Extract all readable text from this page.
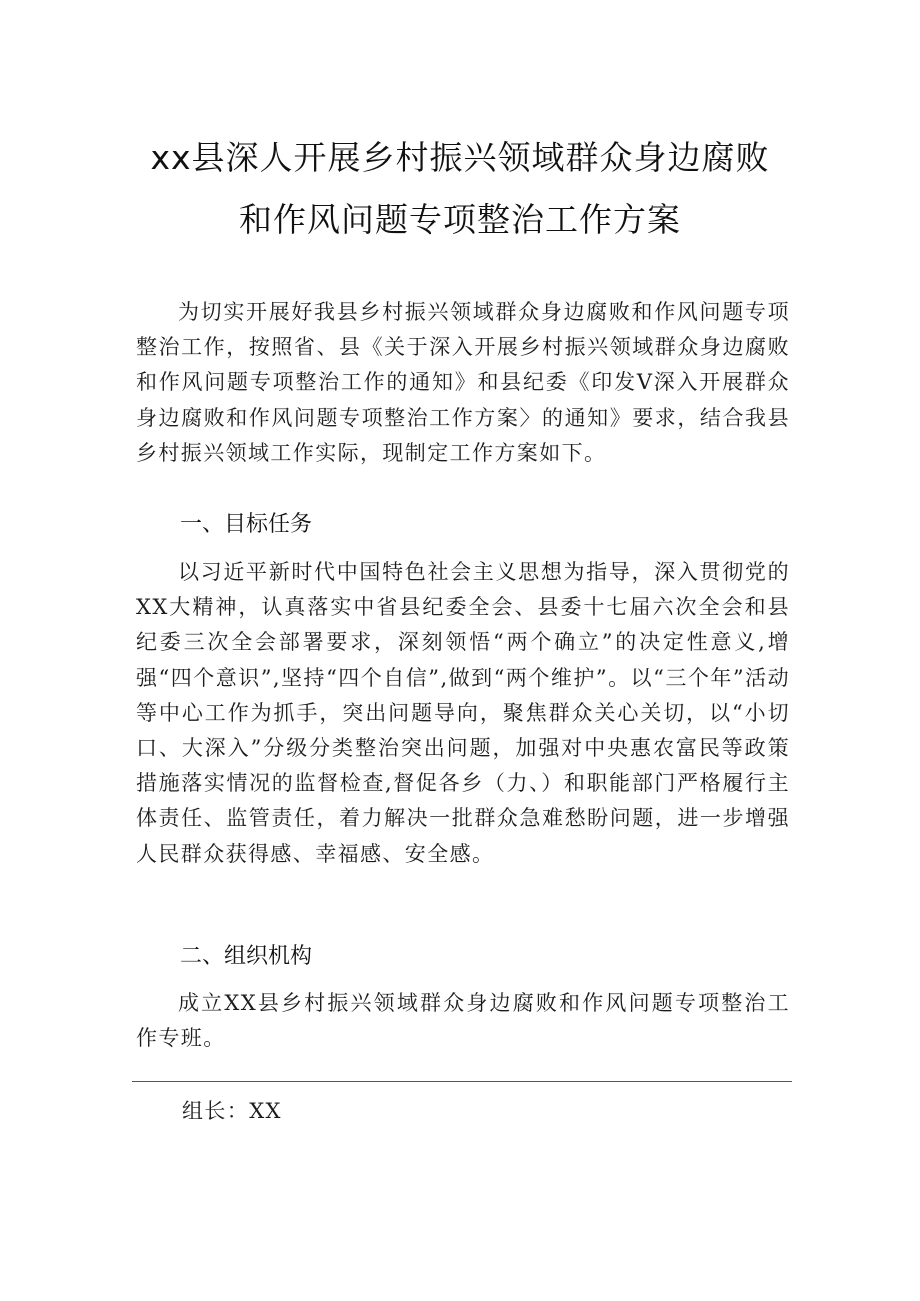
xx县深人开展乡村振兴领域群众身边腐败
和作风问题专项整治工作方案

为切实开展好我县乡村振兴领域群众身边腐败和作风问题专项整治工作，按照省、县《关于深入开展乡村振兴领域群众身边腐败和作风问题专项整治工作的通知》和县纪委《印发V深入开展群众身边腐败和作风问题专项整治工作方案〉的通知》要求，结合我县乡村振兴领域工作实际，现制定工作方案如下。

一、目标任务

以习近平新时代中国特色社会主义思想为指导，深入贯彻党的XX大精神，认真落实中省县纪委全会、县委十七届六次全会和县纪委三次全会部署要求，深刻领悟“两个确立”的决定性意义,增强“四个意识”,坚持“四个自信”,做到“两个维护”。以“三个年”活动等中心工作为抓手，突出问题导向，聚焦群众关心关切，以“小切口、大深入”分级分类整治突出问题，加强对中央惠农富民等政策措施落实情况的监督检查,督促各乡（力、）和职能部门严格履行主体责任、监管责任，着力解决一批群众急难愁盼问题，进一步增强人民群众获得感、幸福感、安全感。

二、组织机构

成立XX县乡村振兴领域群众身边腐败和作风问题专项整治工作专班。

组长：XX
